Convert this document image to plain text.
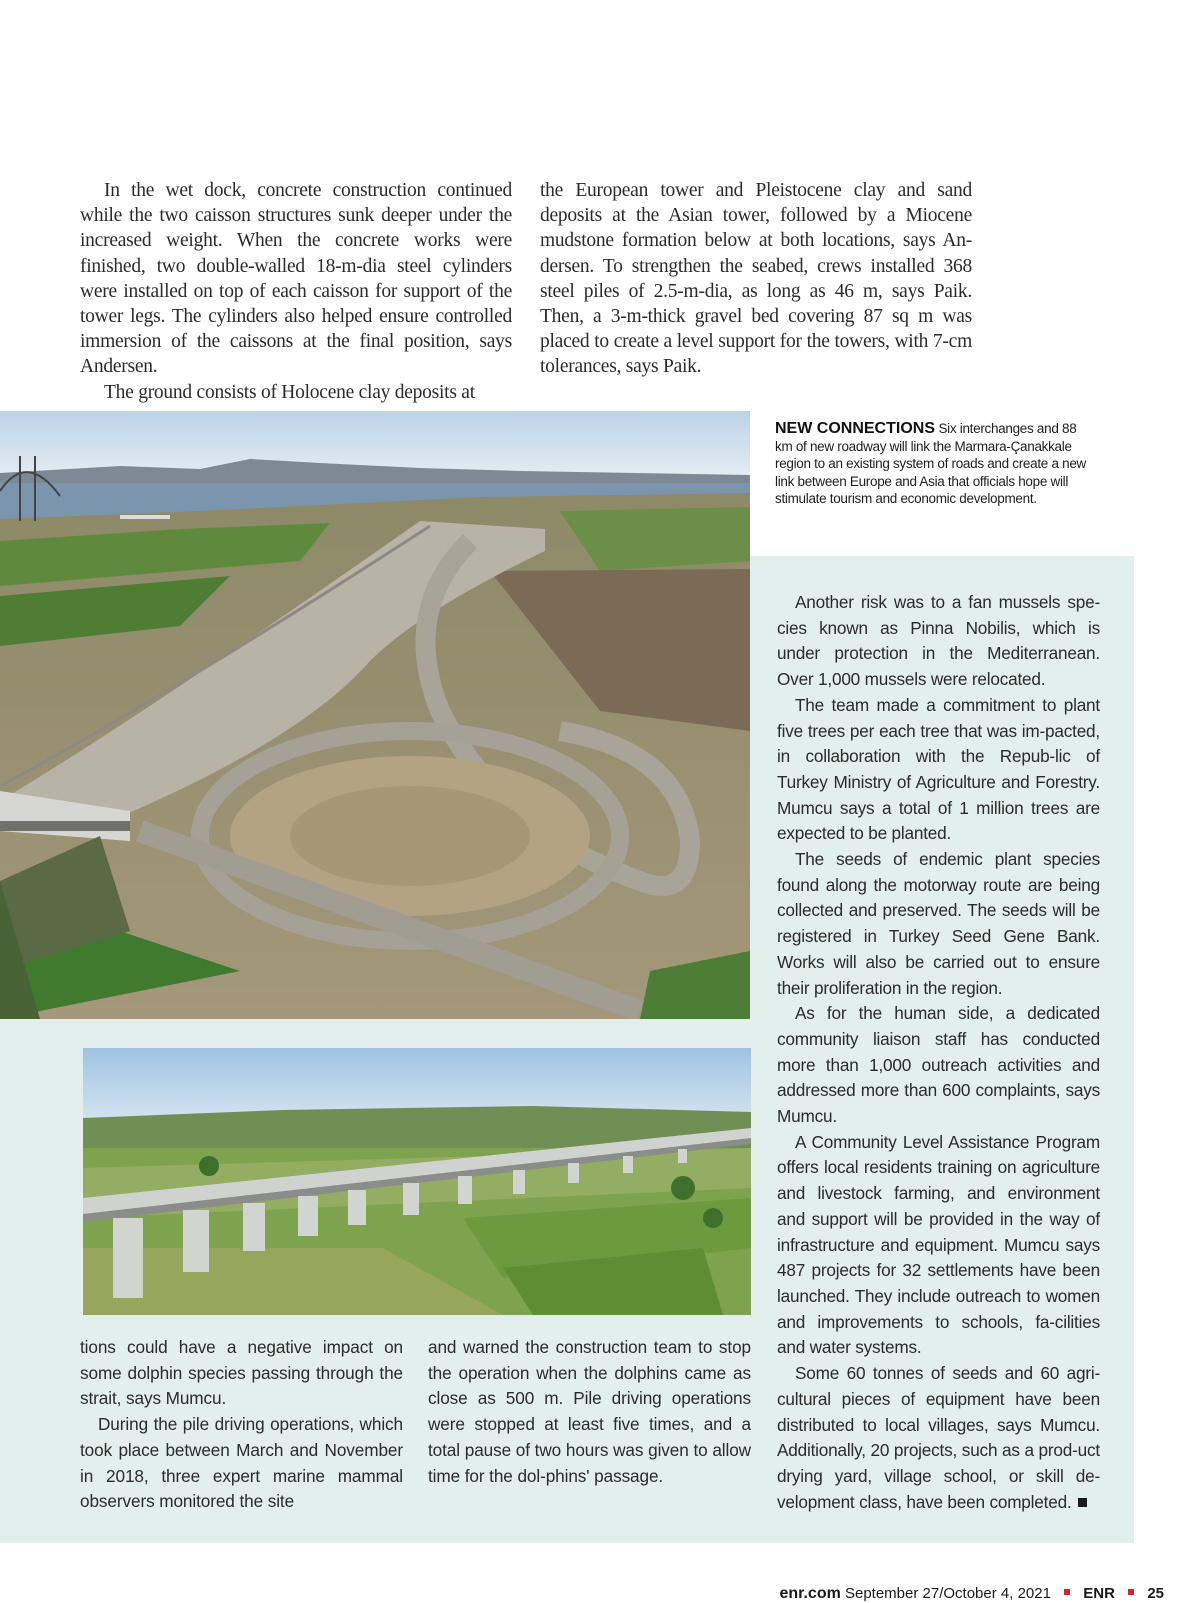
In the wet dock, concrete construction continued while the two caisson structures sunk deeper under the increased weight. When the concrete works were finished, two double-walled 18-m-dia steel cylinders were installed on top of each caisson for support of the tower legs. The cylinders also helped ensure controlled immersion of the caissons at the final position, says Andersen.

The ground consists of Holocene clay deposits at

the European tower and Pleistocene clay and sand deposits at the Asian tower, followed by a Miocene mudstone formation below at both locations, says An-dersen. To strengthen the seabed, crews installed 368 steel piles of 2.5-m-dia, as long as 46 m, says Paik. Then, a 3-m-thick gravel bed covering 87 sq m was placed to create a level support for the towers, with 7-cm tolerances, says Paik.

NEW CONNECTIONS Six interchanges and 88 km of new roadway will link the Marmara-Çanakkale region to an existing system of roads and create a new link between Europe and Asia that officials hope will stimulate tourism and economic development.

Another risk was to a fan mussels spe-cies known as Pinna Nobilis, which is under protection in the Mediterranean. Over 1,000 mussels were relocated.

The team made a commitment to plant five trees per each tree that was im-pacted, in collaboration with the Repub-lic of Turkey Ministry of Agriculture and Forestry. Mumcu says a total of 1 million trees are expected to be planted.

The seeds of endemic plant species found along the motorway route are being collected and preserved. The seeds will be registered in Turkey Seed Gene Bank. Works will also be carried out to ensure their proliferation in the region.

As for the human side, a dedicated community liaison staff has conducted more than 1,000 outreach activities and addressed more than 600 complaints, says Mumcu.

A Community Level Assistance Program offers local residents training on agriculture and livestock farming, and environment and support will be provided in the way of infrastructure and equipment. Mumcu says 487 projects for 32 settlements have been launched. They include outreach to women and improvements to schools, fa-cilities and water systems.

Some 60 tonnes of seeds and 60 agri-cultural pieces of equipment have been distributed to local villages, says Mumcu. Additionally, 20 projects, such as a prod-uct drying yard, village school, or skill de-velopment class, have been completed.

tions could have a negative impact on some dolphin species passing through the strait, says Mumcu.

During the pile driving operations, which took place between March and November in 2018, three expert marine mammal observers monitored the site

and warned the construction team to stop the operation when the dolphins came as close as 500 m. Pile driving operations were stopped at least five times, and a total pause of two hours was given to allow time for the dol-phins' passage.

enr.com September 27/October 4, 2021 ENR 25
